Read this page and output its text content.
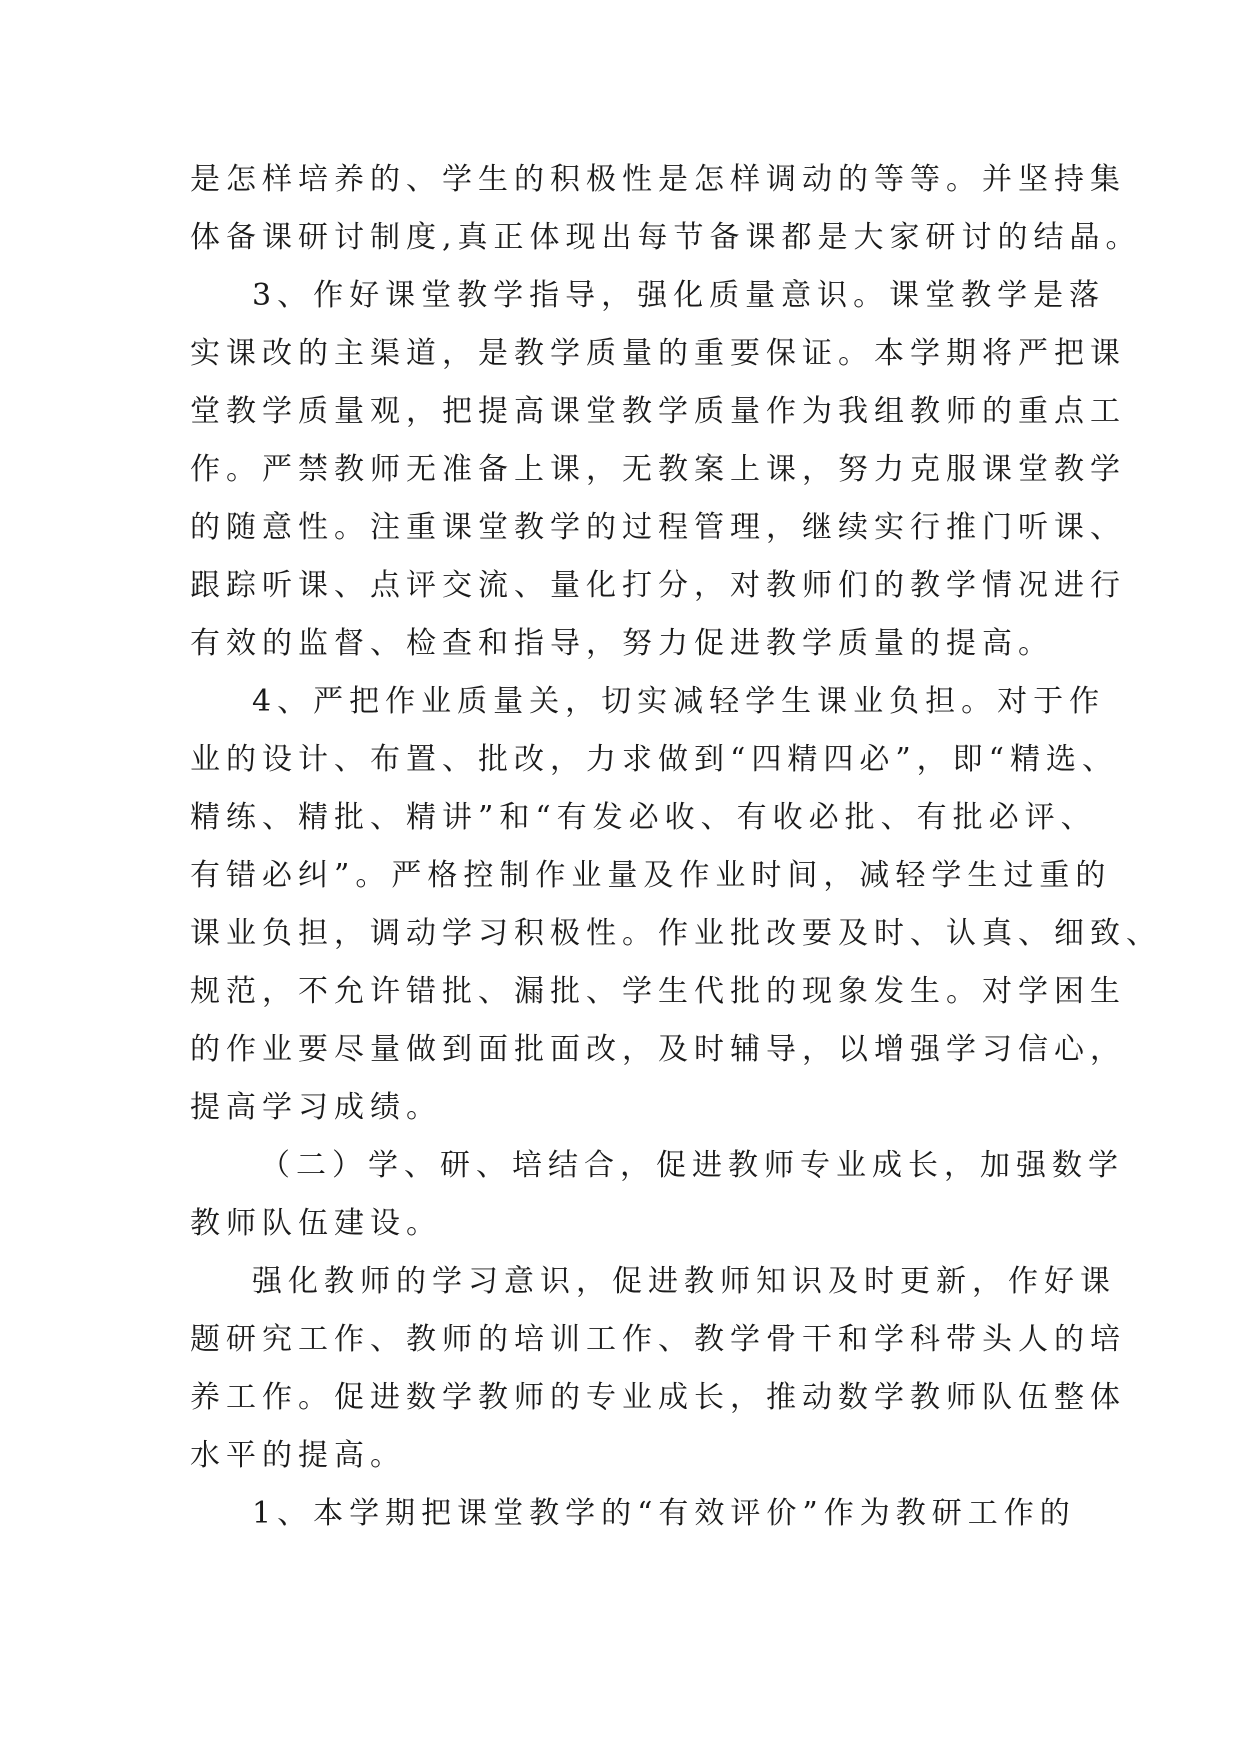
是怎样培养的、学生的积极性是怎样调动的等等。并坚持集

体备课研讨制度,真正体现出每节备课都是大家研讨的结晶。

3、作好课堂教学指导，强化质量意识。课堂教学是落

实课改的主渠道，是教学质量的重要保证。本学期将严把课

堂教学质量观，把提高课堂教学质量作为我组教师的重点工

作。严禁教师无准备上课，无教案上课，努力克服课堂教学

的随意性。注重课堂教学的过程管理，继续实行推门听课、

跟踪听课、点评交流、量化打分，对教师们的教学情况进行

有效的监督、检查和指导，努力促进教学质量的提高。

4、严把作业质量关，切实减轻学生课业负担。对于作

业的设计、布置、批改，力求做到“四精四必”，即“精选、

精练、精批、精讲”和“有发必收、有收必批、有批必评、

有错必纠”。严格控制作业量及作业时间，减轻学生过重的

课业负担，调动学习积极性。作业批改要及时、认真、细致、

规范，不允许错批、漏批、学生代批的现象发生。对学困生

的作业要尽量做到面批面改，及时辅导，以增强学习信心，

提高学习成绩。

（二）学、研、培结合，促进教师专业成长，加强数学

教师队伍建设。

强化教师的学习意识，促进教师知识及时更新，作好课

题研究工作、教师的培训工作、教学骨干和学科带头人的培

养工作。促进数学教师的专业成长，推动数学教师队伍整体

水平的提高。

1、本学期把课堂教学的“有效评价”作为教研工作的
